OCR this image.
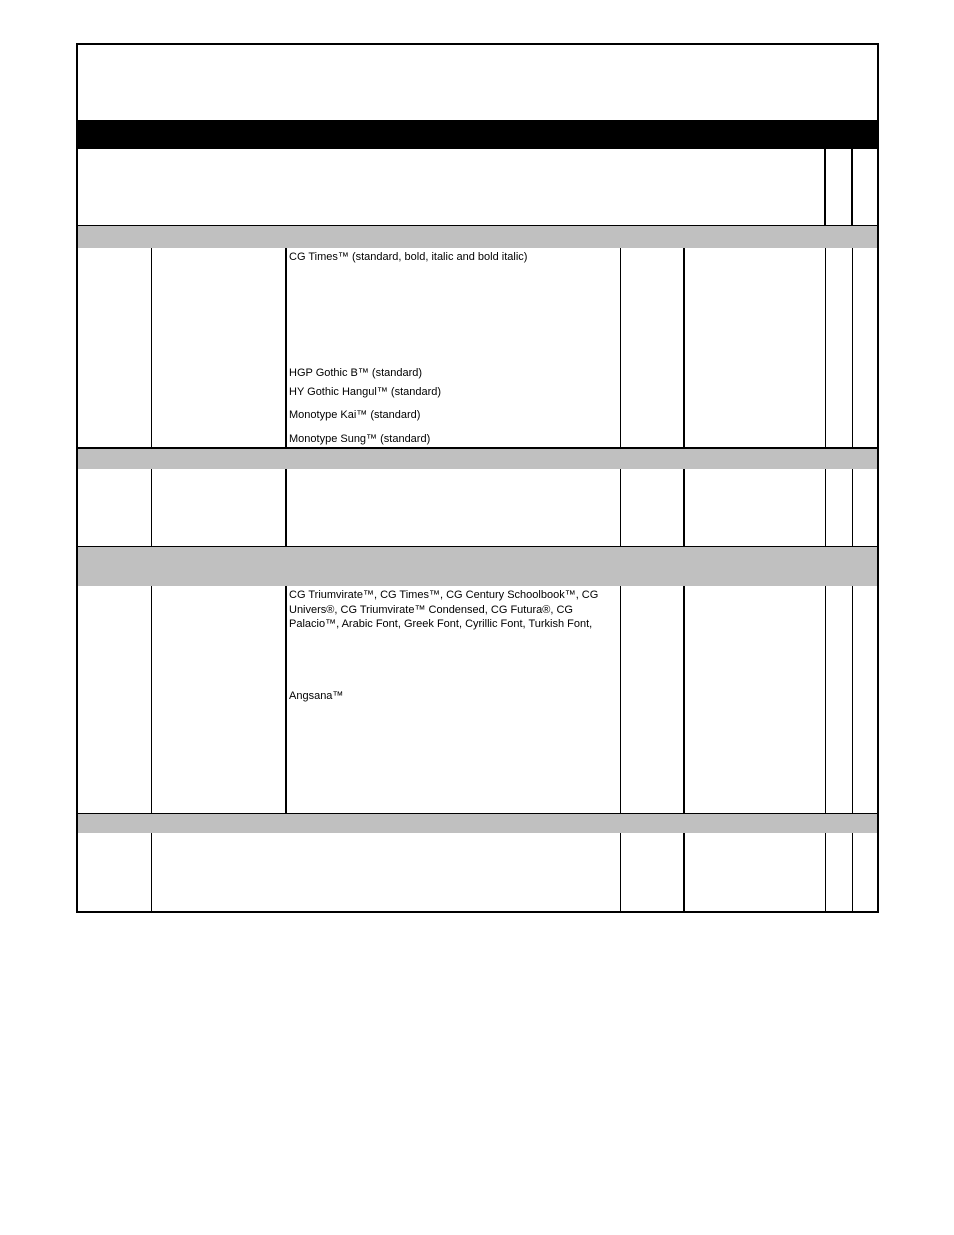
CG Times™ (standard, bold, italic and bold italic)
HGP Gothic B™ (standard)
HY Gothic Hangul™ (standard)
Monotype Kai™ (standard)
Monotype Sung™ (standard)
CG Triumvirate™, CG Times™, CG Century Schoolbook™, CG Univers®, CG Triumvirate™ Condensed, CG Futura®, CG Palacio™, Arabic Font, Greek Font, Cyrillic Font, Turkish Font,
Angsana™
